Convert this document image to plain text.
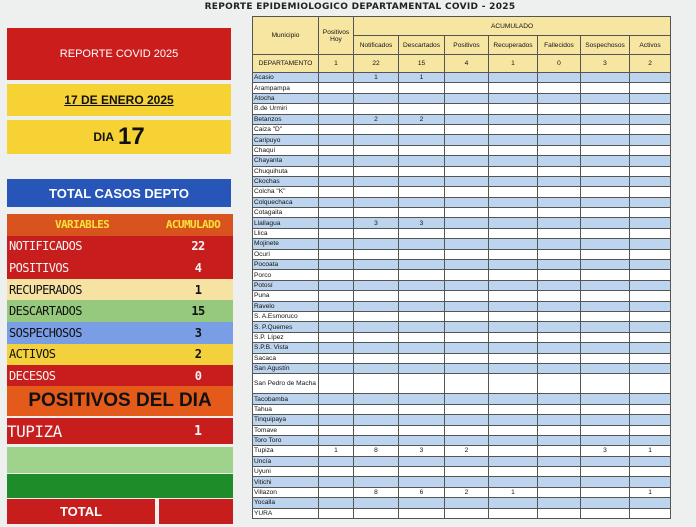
REPORTE EPIDEMIOLOGICO DEPARTAMENTAL COVID - 2025
REPORTE COVID 2025
17 DE ENERO 2025
DIA 17
TOTAL CASOS DEPTO
VARIABLES	ACUMULADO
NOTIFICADOS	22
POSITIVOS	4
RECUPERADOS	1
DESCARTADOS	15
SOSPECHOSOS	3
ACTIVOS	2
DECESOS	0
POSITIVOS DEL DIA
TUPIZA	1
TOTAL
Municipio	Positivos Hoy	ACUMULADO						
		Notificados	Descartados	Positivos	Recuperados	Fallecidos	Sospechosos	Activos
DEPARTAMENTO	1	22	15	4	1	0	3	2
Acasio		1	1					
Arampampa								
Atocha								
B.de Urmiri								
Betanzos		2	2					
Caiza "D"								
Caripuyo								
Chaquí								
Chayanta								
Chuquihuta								
Ckochas								
Colcha "K"								
Colquechaca								
Cotagaita								
Llallagua		3	3					
Llica								
Mojinete								
Ocurí								
Pocoata								
Porco								
Potosí								
Puna								
Ravelo								
S. A.Esmoruco								
S. P.Quemes								
S.P. Lípez								
S.P.B. Vista								
Sacaca								
San Agustín								
San Pedro de Macha								
Tacobamba								
Tahua								
Tinquipaya								
Tomave								
Toro Toro								
Tupiza	1	8	3	2			3	1
Uncía								
Uyuni								
Vitichi								
Villazon		8	6	2	1			1
Yocalla								
YURA								
